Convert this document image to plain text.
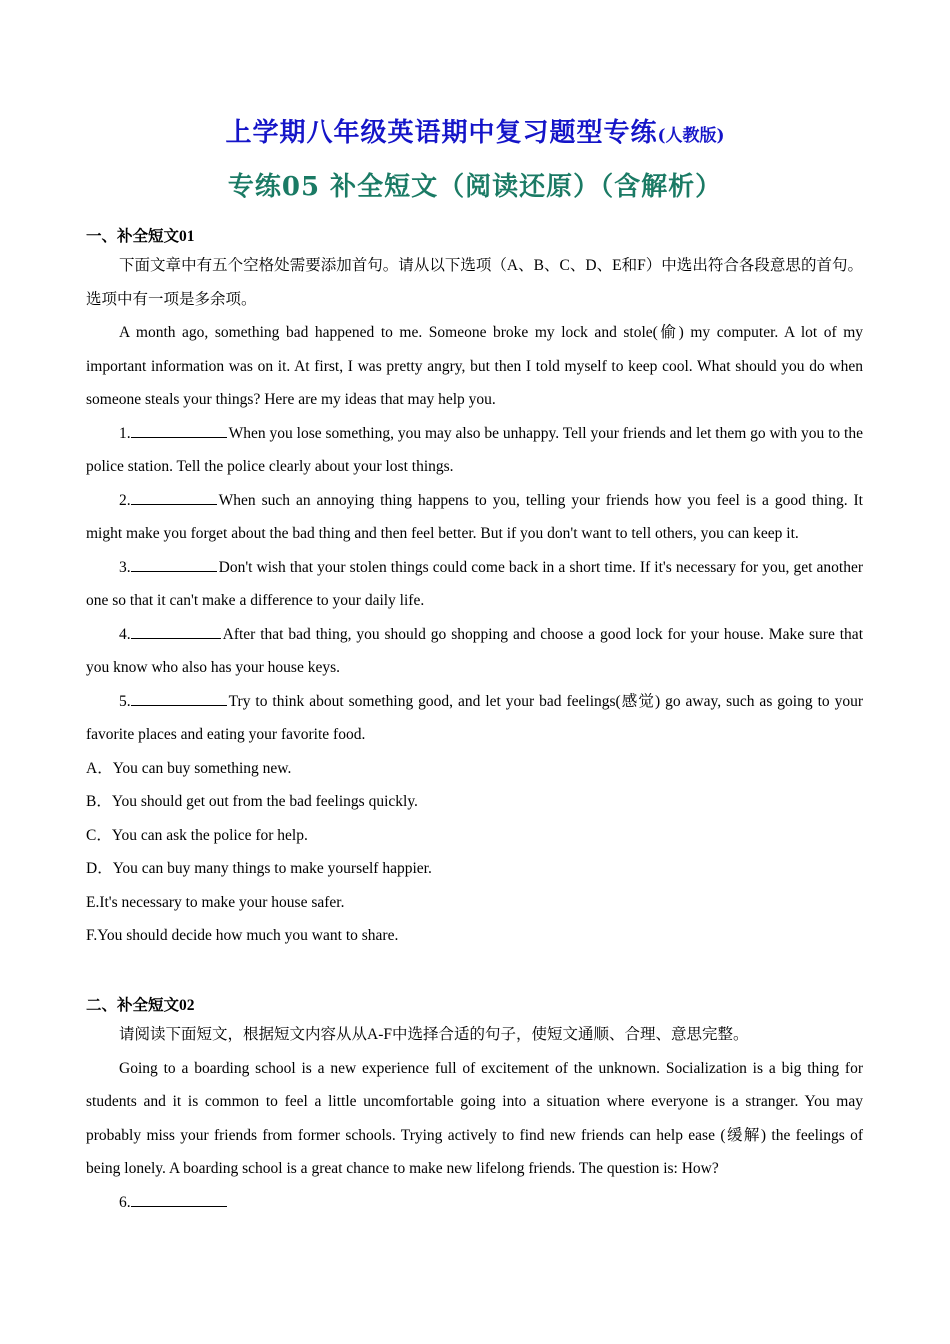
上学期八年级英语期中复习题型专练(人教版)
专练05 补全短文（阅读还原）（含解析）
一、补全短文01

下面文章中有五个空格处需要添加首句。请从以下选项（A、B、C、D、E和F）中选出符合各段意思的首句。选项中有一项是多余项。

A month ago, something bad happened to me. Someone broke my lock and stole(偷) my computer. A lot of my important information was on it. At first, I was pretty angry, but then I told myself to keep cool. What should you do when someone steals your things? Here are my ideas that may help you.

1.	When you lose something, you may also be unhappy. Tell your friends and let them go with you to the police station. Tell the police clearly about your lost things.

2.	When such an annoying thing happens to you, telling your friends how you feel is a good thing. It might make you forget about the bad thing and then feel better. But if you don't want to tell others, you can keep it.

3.	Don't wish that your stolen things could come back in a short time. If it's necessary for you, get another one so that it can't make a difference to your daily life.

4.	After that bad thing, you should go shopping and choose a good lock for your house. Make sure that you know who also has your house keys.

5.	Try to think about something good, and let your bad feelings(感觉) go away, such as going to your favorite places and eating your favorite food.

A．You can buy something new.

B．You should get out from the bad feelings quickly.

C．You can ask the police for help.

D．You can buy many things to make yourself happier.

E.It's necessary to make your house safer.

F.You should decide how much you want to share.

二、补全短文02

请阅读下面短文，根据短文内容从从A-F中选择合适的句子，使短文通顺、合理、意思完整。

Going to a boarding school is a new experience full of excitement of the unknown. Socialization is a big thing for students and it is common to feel a little uncomfortable going into a situation where everyone is a stranger. You may probably miss your friends from former schools. Trying actively to find new friends can help ease (缓解) the feelings of being lonely. A boarding school is a great chance to make new lifelong friends. The question is: How?

6.
